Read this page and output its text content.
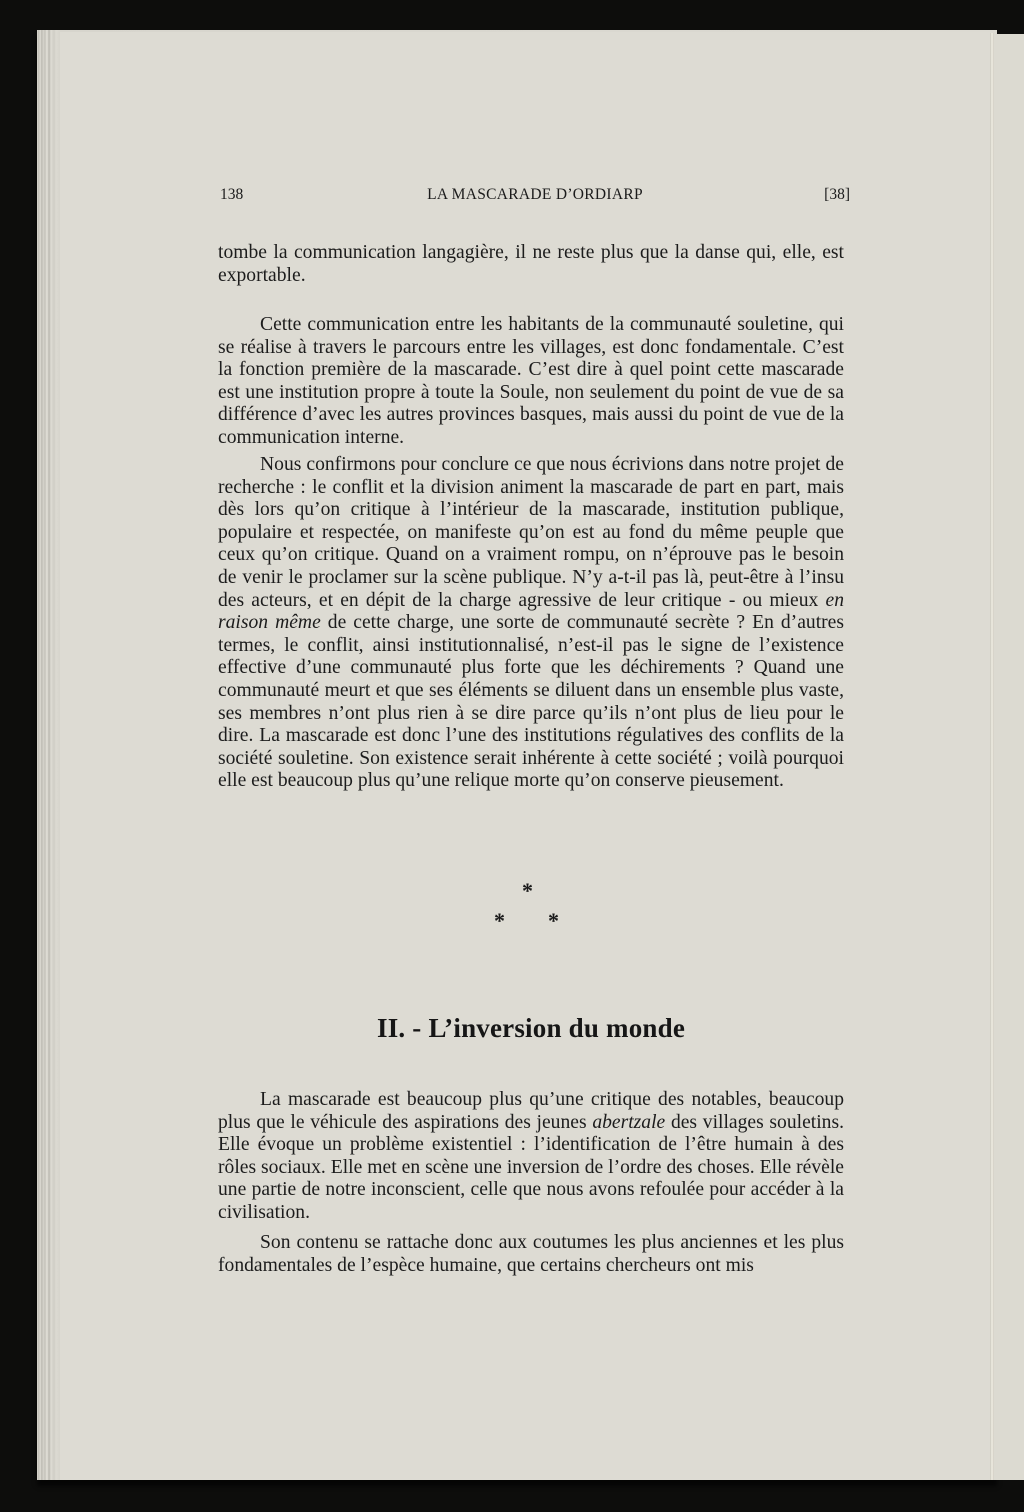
138	LA MASCARADE D’ORDIARP	[38]

tombe la communication langagière, il ne reste plus que la danse qui, elle, est exportable.

Cette communication entre les habitants de la communauté souletine, qui se réalise à travers le parcours entre les villages, est donc fondamentale. C’est la fonction première de la mascarade. C’est dire à quel point cette mascarade est une institution propre à toute la Soule, non seulement du point de vue de sa différence d’avec les autres provinces basques, mais aussi du point de vue de la communication interne.

Nous confirmons pour conclure ce que nous écrivions dans notre projet de recherche : le conflit et la division animent la mascarade de part en part, mais dès lors qu’on critique à l’intérieur de la mascarade, institution publique, populaire et respectée, on manifeste qu’on est au fond du même peuple que ceux qu’on critique. Quand on a vraiment rompu, on n’éprouve pas le besoin de venir le proclamer sur la scène publique. N’y a-t-il pas là, peut-être à l’insu des acteurs, et en dépit de la charge agressive de leur critique - ou mieux en raison même de cette charge, une sorte de communauté secrète ? En d’autres termes, le conflit, ainsi institutionnalisé, n’est-il pas le signe de l’existence effective d’une communauté plus forte que les déchirements ? Quand une communauté meurt et que ses éléments se diluent dans un ensemble plus vaste, ses membres n’ont plus rien à se dire parce qu’ils n’ont plus de lieu pour le dire. La mascarade est donc l’une des institutions régulatives des conflits de la société souletine. Son existence serait inhérente à cette société ; voilà pourquoi elle est beaucoup plus qu’une relique morte qu’on conserve pieusement.

*
* *
II. - L’inversion du monde

La mascarade est beaucoup plus qu’une critique des notables, beaucoup plus que le véhicule des aspirations des jeunes abertzale des villages souletins. Elle évoque un problème existentiel : l’identification de l’être humain à des rôles sociaux. Elle met en scène une inversion de l’ordre des choses. Elle révèle une partie de notre inconscient, celle que nous avons refoulée pour accéder à la civilisation.

Son contenu se rattache donc aux coutumes les plus anciennes et les plus fondamentales de l’espèce humaine, que certains chercheurs ont mis
